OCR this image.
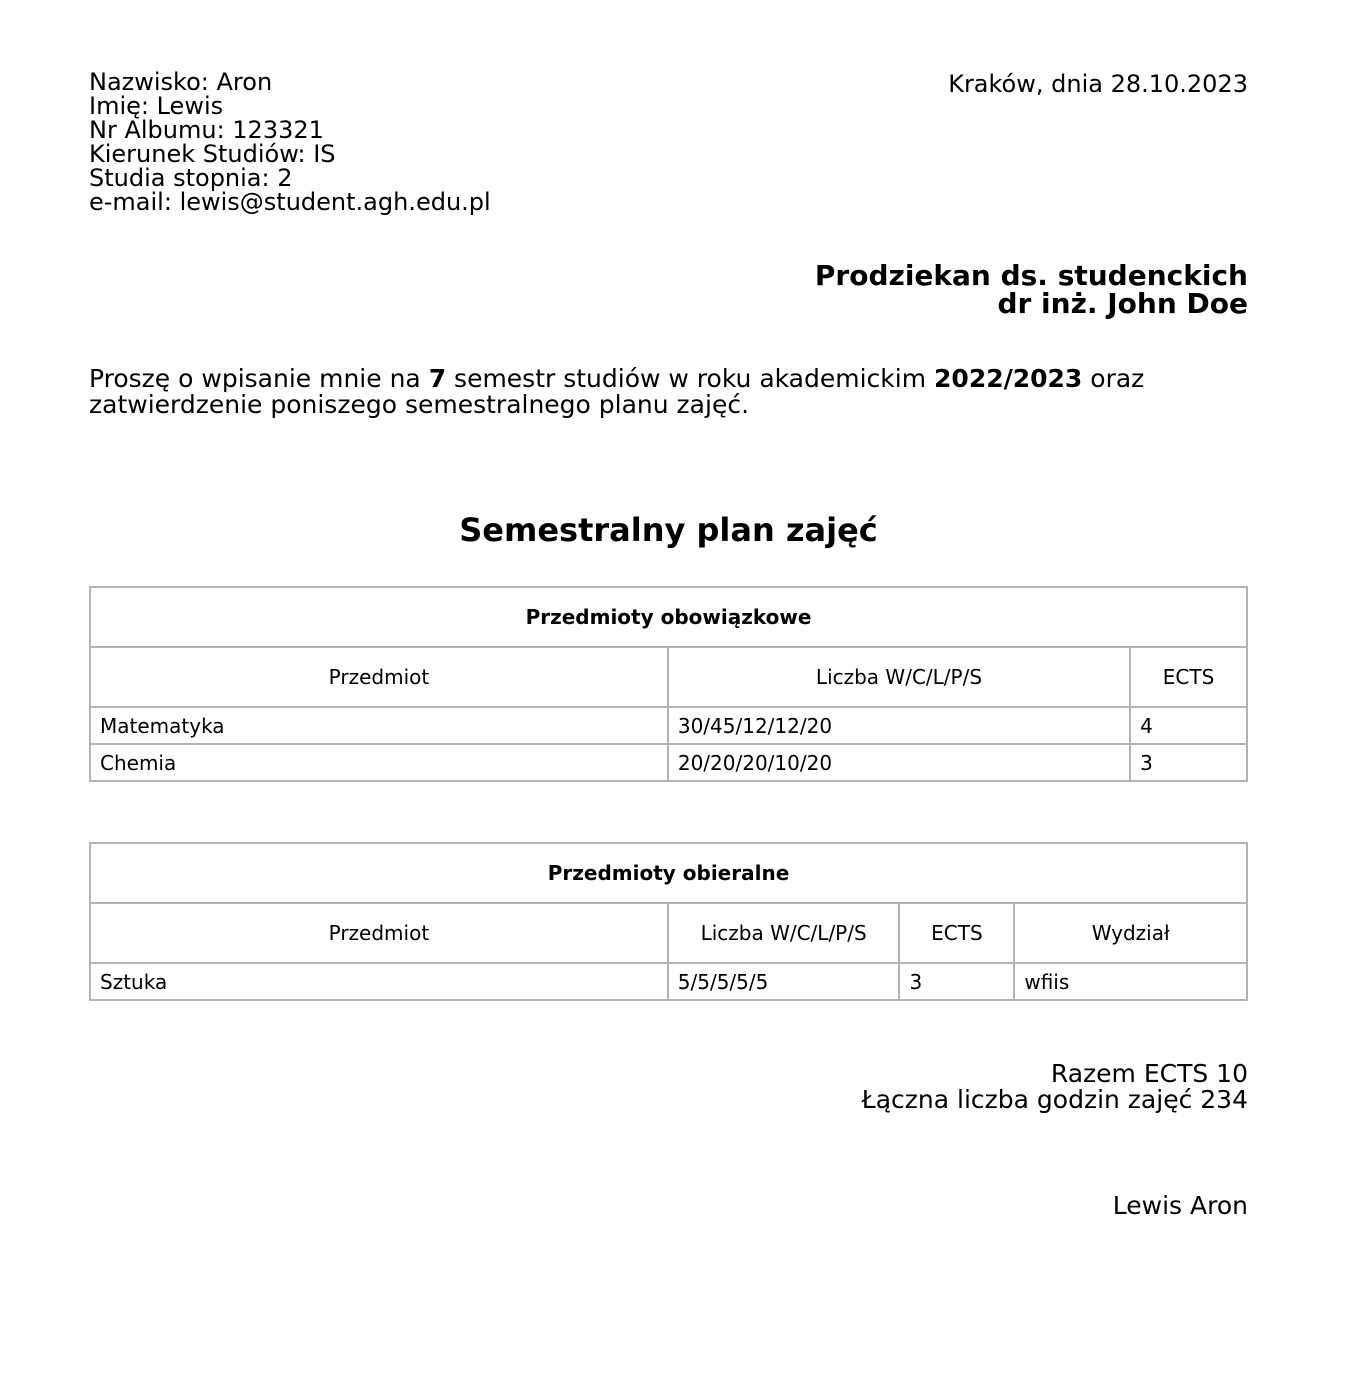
Nazwisko: Aron
Imię: Lewis
Nr Albumu: 123321
Kierunek Studiów: IS
Studia stopnia: 2
e-mail: lewis@student.agh.edu.pl
Kraków, dnia 28.10.2023
Prodziekan ds. studenckich
dr inż. John Doe
Proszę o wpisanie mnie na 7 semestr studiów w roku akademickim 2022/2023 oraz zatwierdzenie poniszego semestralnego planu zajęć.
Semestralny plan zajęć
Przedmioty obowiązkowe		
Przedmiot	Liczba W/C/L/P/S	ECTS
Matematyka	30/45/12/12/20	4
Chemia	20/20/20/10/20	3
Przedmioty obieralne			
Przedmiot	Liczba W/C/L/P/S	ECTS	Wydział
Sztuka	5/5/5/5/5	3	wfiis
Razem ECTS 10
Łączna liczba godzin zajęć 234
Lewis Aron
